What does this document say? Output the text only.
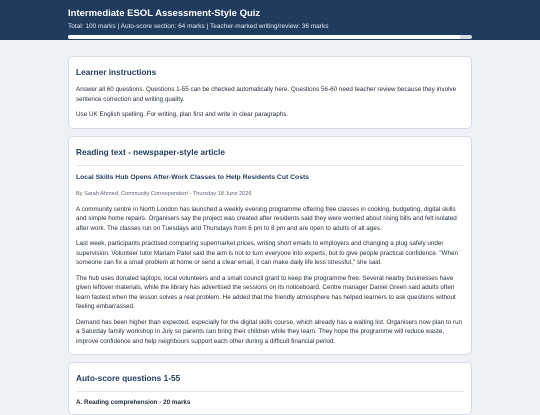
Intermediate ESOL Assessment-Style Quiz
Total: 100 marks | Auto-score section: 64 marks | Teacher-marked writing/review: 36 marks
Learner instructions

Answer all 60 questions. Questions 1-55 can be checked automatically here. Questions 56-60 need teacher review because they involve sentence correction and writing quality.

Use UK English spelling. For writing, plan first and write in clear paragraphs.

Reading text - newspaper-style article
Local Skills Hub Opens After-Work Classes to Help Residents Cut Costs
By Sarah Ahmed, Community Correspondent - Thursday 18 June 2026

A community centre in North London has launched a weekly evening programme offering free classes in cooking, budgeting, digital skills and simple home repairs. Organisers say the project was created after residents said they were worried about rising bills and felt isolated after work. The classes run on Tuesdays and Thursdays from 6 pm to 8 pm and are open to adults of all ages.

Last week, participants practised comparing supermarket prices, writing short emails to employers and changing a plug safely under supervision. Volunteer tutor Mariam Patel said the aim is not to turn everyone into experts, but to give people practical confidence. "When someone can fix a small problem at home or send a clear email, it can make daily life less stressful," she said.

The hub uses donated laptops, local volunteers and a small council grant to keep the programme free. Several nearby businesses have given leftover materials, while the library has advertised the sessions on its noticeboard. Centre manager Daniel Green said adults often learn fastest when the lesson solves a real problem. He added that the friendly atmosphere has helped learners to ask questions without feeling embarrassed.

Demand has been higher than expected, especially for the digital skills course, which already has a waiting list. Organisers now plan to run a Saturday family workshop in July so parents can bring their children while they learn. They hope the programme will reduce waste, improve confidence and help neighbours support each other during a difficult financial period.

Auto-score questions 1-55
A. Reading comprehension - 20 marks
